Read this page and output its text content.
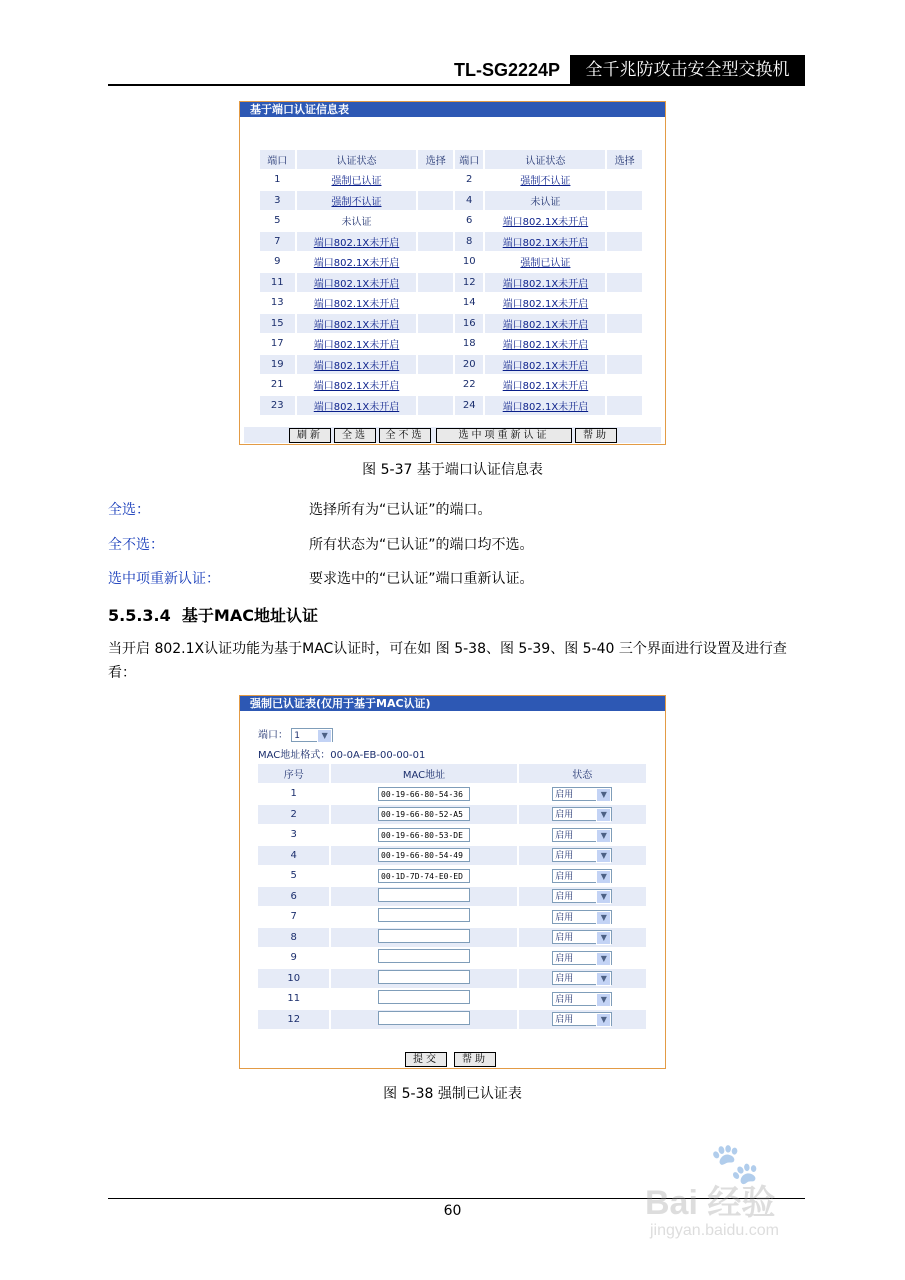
TL-SG2224P	全千兆防攻击安全型交换机
基于端口认证信息表
端口	认证状态	选择	端口	认证状态	选择
1	强制已认证		2	强制不认证	
3	强制不认证		4	未认证	
5	未认证		6	端口802.1X未开启	
7	端口802.1X未开启		8	端口802.1X未开启	
9	端口802.1X未开启		10	强制已认证	
11	端口802.1X未开启		12	端口802.1X未开启	
13	端口802.1X未开启		14	端口802.1X未开启	
15	端口802.1X未开启		16	端口802.1X未开启	
17	端口802.1X未开启		18	端口802.1X未开启	
19	端口802.1X未开启		20	端口802.1X未开启	
21	端口802.1X未开启		22	端口802.1X未开启	
23	端口802.1X未开启		24	端口802.1X未开启	
刷新	全选	全不选	选中项重新认证	帮助
图 5-37 基于端口认证信息表
全选：	选择所有为“已认证”的端口。
全不选：	所有状态为“已认证”的端口均不选。
选中项重新认证：	要求选中的“已认证”端口重新认证。
5.5.3.4 基于MAC地址认证
当开启 802.1X认证功能为基于MAC认证时，可在如 图 5-38、图 5-39、图 5-40 三个界面进行设置及进行查看：
强制已认证表(仅用于基于MAC认证)
端口： 1	▼
MAC地址格式：00-0A-EB-00-00-01
序号	MAC地址	状态
1	00-19-66-80-54-36	启用 ▼

2	00-19-66-80-52-A5	启用 ▼

3	00-19-66-80-53-DE	启用 ▼

4	00-19-66-80-54-49	启用 ▼

5	00-1D-7D-74-E0-ED	启用 ▼

6		启用 ▼

7		启用 ▼

8		启用 ▼

9		启用 ▼

10		启用 ▼

11		启用 ▼

12		启用 ▼
提交	帮助
图 5-38 强制已认证表
60
🐾
Bai 经验
jingyan.baidu.com
